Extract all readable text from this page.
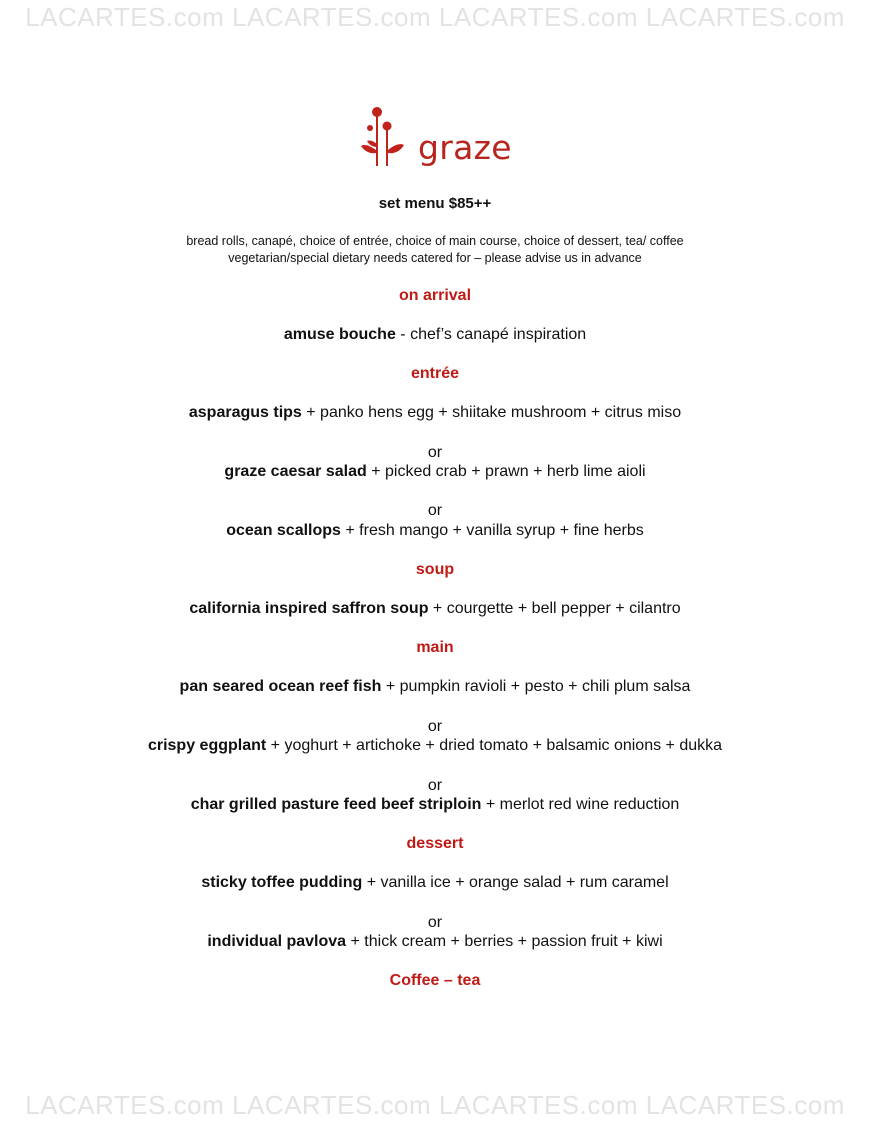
LACARTES.com LACARTES.com LACARTES.com LACARTES.com
graze
set menu $85++
bread rolls, canapé, choice of entrée, choice of main course, choice of dessert, tea/ coffee
vegetarian/special dietary needs catered for – please advise us in advance
on arrival
amuse bouche - chef’s canapé inspiration
entrée
asparagus tips + panko hens egg + shiitake mushroom + citrus miso
or
graze caesar salad + picked crab + prawn + herb lime aioli
or
ocean scallops + fresh mango + vanilla syrup + fine herbs
soup
california inspired saffron soup + courgette + bell pepper + cilantro
main
pan seared ocean reef fish + pumpkin ravioli + pesto + chili plum salsa
or
crispy eggplant + yoghurt + artichoke + dried tomato + balsamic onions + dukka
or
char grilled pasture feed beef striploin + merlot red wine reduction
dessert
sticky toffee pudding + vanilla ice + orange salad + rum caramel
or
individual pavlova + thick cream + berries + passion fruit + kiwi
Coffee – tea
LACARTES.com LACARTES.com LACARTES.com LACARTES.com
